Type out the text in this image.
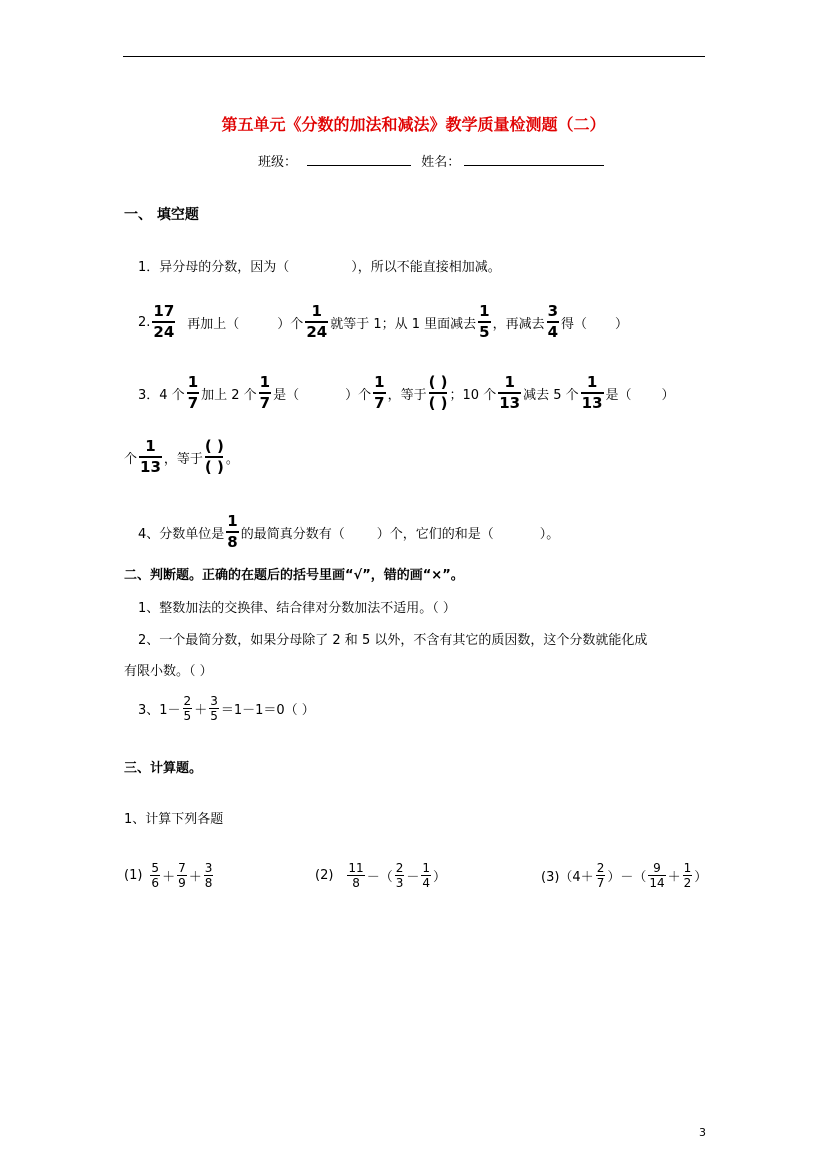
第五单元《分数的加法和减法》教学质量检测题（二）
班级：	姓名：
一、 填空题
1．异分母的分数，因为（	），所以不能直接相加减。
2. $\frac{17}{24}$ 再加上（	）个 $\frac{1}{24}$ 就等于 1；从 1 里面减去 $\frac{1}{5}$ ，再减去 $\frac{3}{4}$ 得（ ）
3．4 个 $\frac{1}{7}$ 加上 2 个 $\frac{1}{7}$ 是（	）个 $\frac{1}{7}$ ，等于 $\frac{( )}{( )}$ ；10 个 $\frac{1}{13}$ 减去 5 个 $\frac{1}{13}$ 是（ ）
个 $\frac{1}{13}$ ，等于 $\frac{( )}{( )}$ 。
4、分数单位是 $\frac{1}{8}$ 的最简真分数有（ ）个，它们的和是（	）。
二、判断题。正确的在题后的括号里画“√”，错的画“×”。
1、整数加法的交换律、结合律对分数加法不适用。（ ）
2、一个最简分数，如果分母除了 2 和 5 以外，不含有其它的质因数，这个分数就能化成
有限小数。（ ）
3、$1- \frac{2}{5} + \frac{3}{5} =1-1=0$（ ）
三、计算题。
1、计算下列各题
$(1) \frac{5}{6} + \frac{7}{9} + \frac{3}{8}$	$(2) \frac{11}{8}$ －（ $\frac{2}{3} - \frac{1}{4}$ ）	$(3)(4+ \frac{2}{7}$ ）－（ $\frac{9}{14} + \frac{1}{2}$ ）
3
